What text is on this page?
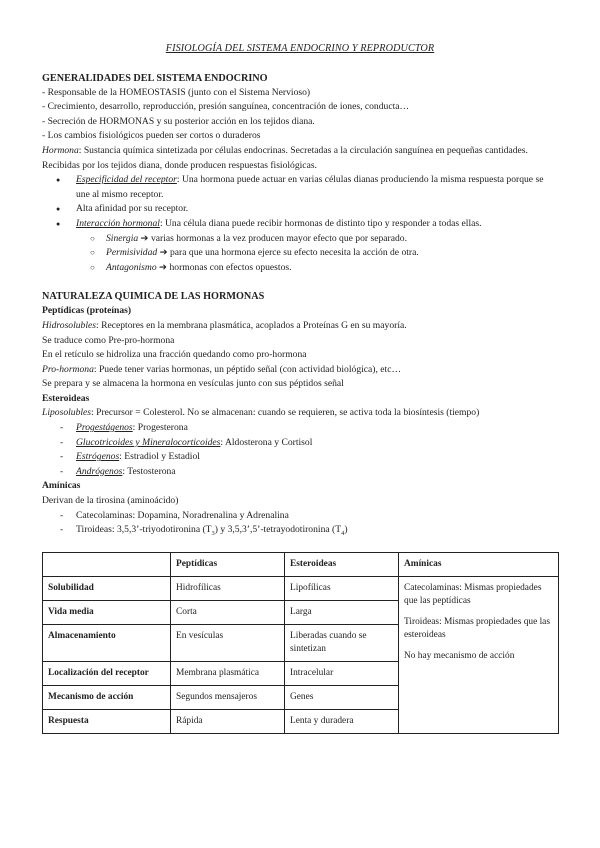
FISIOLOGÍA DEL SISTEMA ENDOCRINO Y REPRODUCTOR

GENERALIDADES DEL SISTEMA ENDOCRINO

- Responsable de la HOMEOSTASIS (junto con el Sistema Nervioso)

- Crecimiento, desarrollo, reproducción, presión sanguínea, concentración de iones, conducta…

- Secreción de HORMONAS y su posterior acción en los tejidos diana.

- Los cambios fisiológicos pueden ser cortos o duraderos

Hormona: Sustancia química sintetizada por células endocrinas. Secretadas a la circulación sanguínea en pequeñas cantidades. Recibidas por los tejidos diana, donde producen respuestas fisiológicas.

● Especificidad del receptor: Una hormona puede actuar en varias células dianas produciendo la misma respuesta porque se une al mismo receptor.
● Alta afinidad por su receptor.
● Interacción hormonal: Una célula diana puede recibir hormonas de distinto tipo y responder a todas ellas.
○ Sinergia ➔ varias hormonas a la vez producen mayor efecto que por separado.
○ Permisividad ➔ para que una hormona ejerce su efecto necesita la acción de otra.
○ Antagonismo ➔ hormonas con efectos opuestos.

NATURALEZA QUIMICA DE LAS HORMONAS

Peptídicas (proteínas)

Hidrosolubles: Receptores en la membrana plasmática, acoplados a Proteínas G en su mayoría.

Se traduce como Pre-pro-hormona

En el retículo se hidroliza una fracción quedando como pro-hormona

Pro-hormona: Puede tener varias hormonas, un péptido señal (con actividad biológica), etc…

Se prepara y se almacena la hormona en vesículas junto con sus péptidos señal

Esteroideas

Liposolubles: Precursor = Colesterol. No se almacenan: cuando se requieren, se activa toda la biosíntesis (tiempo)

- Progestágenos: Progesterona
- Glucotricoides y Mineralocorticoides: Aldosterona y Cortisol
- Estrógenos: Estradiol y Estadiol
- Andrógenos: Testosterona

Amínicas

Derivan de la tirosina (aminoácido)

- Catecolaminas: Dopamina, Noradrenalina y Adrenalina
- Tiroideas: 3,5,3’-triyodotironina $(T_3)$ y 3,5,3’,5’-tetrayodotironina $(T_4)$
	Peptídicas	Esteroideas	Amínicas
Solubilidad	Hidrofílicas	Lipofílicas	Catecolaminas: Mismas propiedades que las peptídicas

Tiroideas: Mismas propiedades que las esteroideas

No hay mecanismo de acción

Vida media	Corta	Larga	
Almacenamiento	En vesículas	Liberadas cuando se sintetizan	
Localización del receptor	Membrana plasmática	Intracelular	
Mecanismo de acción	Segundos mensajeros	Genes	
Respuesta	Rápida	Lenta y duradera	
